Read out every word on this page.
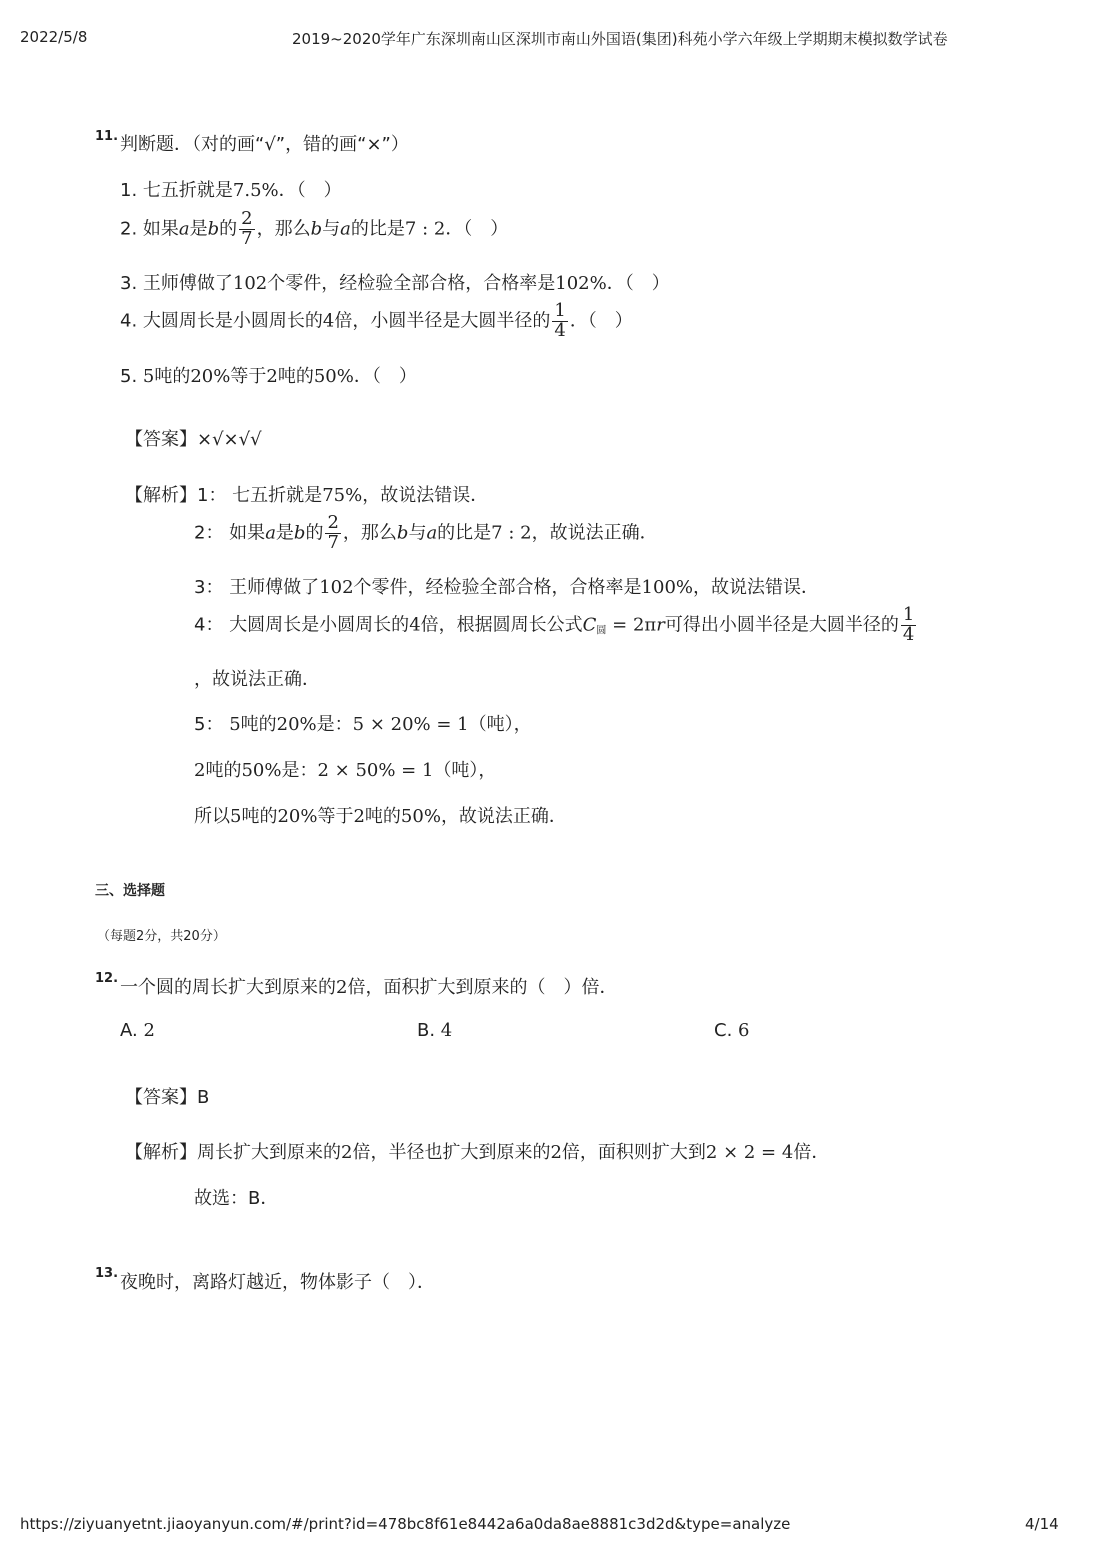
2022/5/8	2019~2020学年广东深圳南山区深圳市南山外国语(集团)科苑小学六年级上学期期末模拟数学试卷
11. 判断题．（对的画“√”，错的画“×”）
1. 七五折就是7.5%．（　）
2. 如果a是b的 $\frac{2}{7}$ ，那么b与a的比是7 : 2．（　）
3. 王师傅做了102个零件，经检验全部合格，合格率是102%．（　）
4. 大圆周长是小圆周长的4倍，小圆半径是大圆半径的 $\frac{1}{4}$ ．（　）
5. 5吨的20%等于2吨的50%．（　）
【答案】×√×√√
【解析】1： 七五折就是75%，故说法错误．
2： 如果a是b的 $\frac{2}{7}$ ，那么b与a的比是7 : 2，故说法正确．
3： 王师傅做了102个零件，经检验全部合格，合格率是100%，故说法错误．
4： 大圆周长是小圆周长的4倍，根据圆周长公式$C_圆 = 2\pi r$可得出小圆半径是大圆半径的 $\frac{1}{4}$
，故说法正确．
5： 5吨的20%是：5 × 20% = 1（吨），
2吨的50%是：2 × 50% = 1（吨），
所以5吨的20%等于2吨的50%，故说法正确．
三、选择题
（每题2分，共20分）
12. 一个圆的周长扩大到原来的2倍，面积扩大到原来的（　）倍．
A. 2	B. 4	C. 6
【答案】B
【解析】周长扩大到原来的2倍，半径也扩大到原来的2倍，面积则扩大到2 × 2 = 4倍．
故选：B．
13. 夜晚时，离路灯越近，物体影子（　）．
https://ziyuanyetnt.jiaoyanyun.com/#/print?id=478bc8f61e8442a6a0da8ae8881c3d2d&type=analyze	4/14
